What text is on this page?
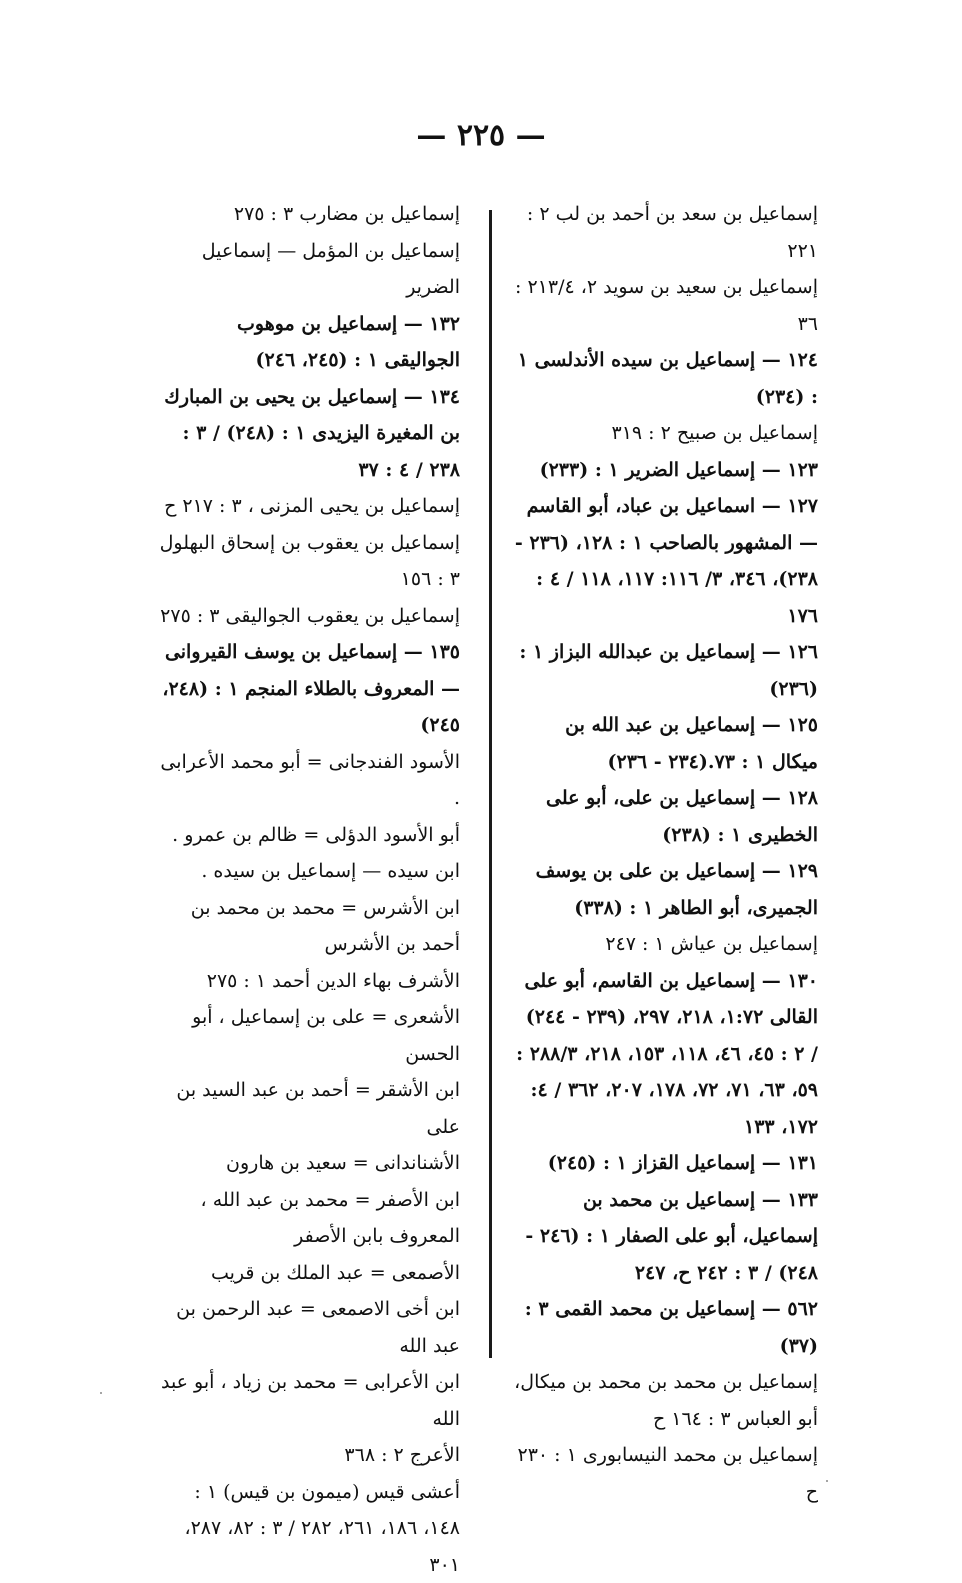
— ٢٢٥ —

إسماعيل بن سعد بن أحمد بن لب ٢ : ٢٢١

إسماعيل بن سعيد بن سويد ٢، ٢١٣/٤ : ٣٦

١٢٤ — إسماعيل بن سيده الأندلسى ١ : (٢٣٤)

إسماعيل بن صبيح ٢ : ٣١٩

١٢٣ — إسماعيل الضرير ١ : (٢٣٣)

١٢٧ — اسماعيل بن عباد، أبو القاسم — المشهور بالصاحب ١ : ١٢٨، (٢٣٦ - ٢٣٨)، ٣٤٦، ٣/ ١١٦: ١١٧، ١١٨ / ٤ : ١٧٦

١٢٦ — إسماعيل بن عبدالله البزاز ١ : (٢٣٦)

١٢٥ — إسماعيل بن عبد الله بن ميكال ١ : ٧٣.(٢٣٤ - ٢٣٦)

١٢٨ — إسماعيل بن على، أبو على الخطيرى ١ : (٢٣٨)

١٢٩ — إسماعيل بن على بن يوسف الجميرى، أبو الطاهر ١ : (٣٣٨)

إسماعيل بن عياش ١ : ٢٤٧

١٣٠ — إسماعيل بن القاسم، أبو على القالى ١:٧٢، ٢١٨، ٢٩٧، (٢٣٩ - ٢٤٤) / ٢ : ٤٥، ٤٦، ١١٨، ١٥٣، ٢١٨، ٢٨٨/٣ : ٥٩، ٦٣، ٧١، ٧٢، ١٧٨، ٢٠٧، ٣٦٢ / ٤: ١٧٢، ١٣٣

١٣١ — إسماعيل القزاز ١ : (٢٤٥)

١٣٣ — إسماعيل بن محمد بن إسماعيل، أبو على الصفار ١ : (٢٤٦ - ٢٤٨) / ٣ : ٢٤٢ ح، ٢٤٧

٥٦٢ — إسماعيل بن محمد القمى ٣ : (٣٧)

إسماعيل بن محمد بن محمد بن ميكال، أبو العباس ٣ : ١٦٤ ح

إسماعيل بن محمد النيسابورى ١ : ٢٣٠ ح

إسماعيل بن مضارب ٣ : ٢٧٥

إسماعيل بن المؤمل — إسماعيل الضرير

١٣٢ — إسماعيل بن موهوب الجواليقى ١ : (٢٤٥، ٢٤٦)

١٣٤ — إسماعيل بن يحيى بن المبارك بن المغيرة اليزيدى ١ : (٢٤٨) / ٣ : ٢٣٨ / ٤ : ٣٧

إسماعيل بن يحيى المزنى ، ٣ : ٢١٧ ح

إسماعيل بن يعقوب بن إسحاق البهلول ٣ : ١٥٦

إسماعيل بن يعقوب الجواليقى ٣ : ٢٧٥

١٣٥ — إسماعيل بن يوسف القيروانى — المعروف بالطلاء المنجم ١ : (٢٤٨، ٢٤٥)

الأسود الفندجانى = أبو محمد الأعرابى .

أبو الأسود الدؤلى = ظالم بن عمرو .

ابن سيده — إسماعيل بن سيده .

ابن الأشرس = محمد بن محمد بن أحمد بن الأشرس

الأشرف بهاء الدين أحمد ١ : ٢٧٥

الأشعرى = على بن إسماعيل ، أبو الحسن

ابن الأشقر = أحمد بن عبد السيد بن على

الأشناندانى = سعيد بن هارون

ابن الأصفر = محمد بن عبد الله ، المعروف بابن الأصفر

الأصمعى = عبد الملك بن قريب

ابن أخى الاصمعى = عبد الرحمن بن عبد الله

ابن الأعرابى = محمد بن زياد ، أبو عبد الله

الأعرج ٢ : ٣٦٨

أعشى قيس (ميمون بن قيس) ١ : ١٤٨، ١٨٦، ٢٦١، ٢٨٢ / ٣ : ٨٢، ٢٨٧، ٣٠١
